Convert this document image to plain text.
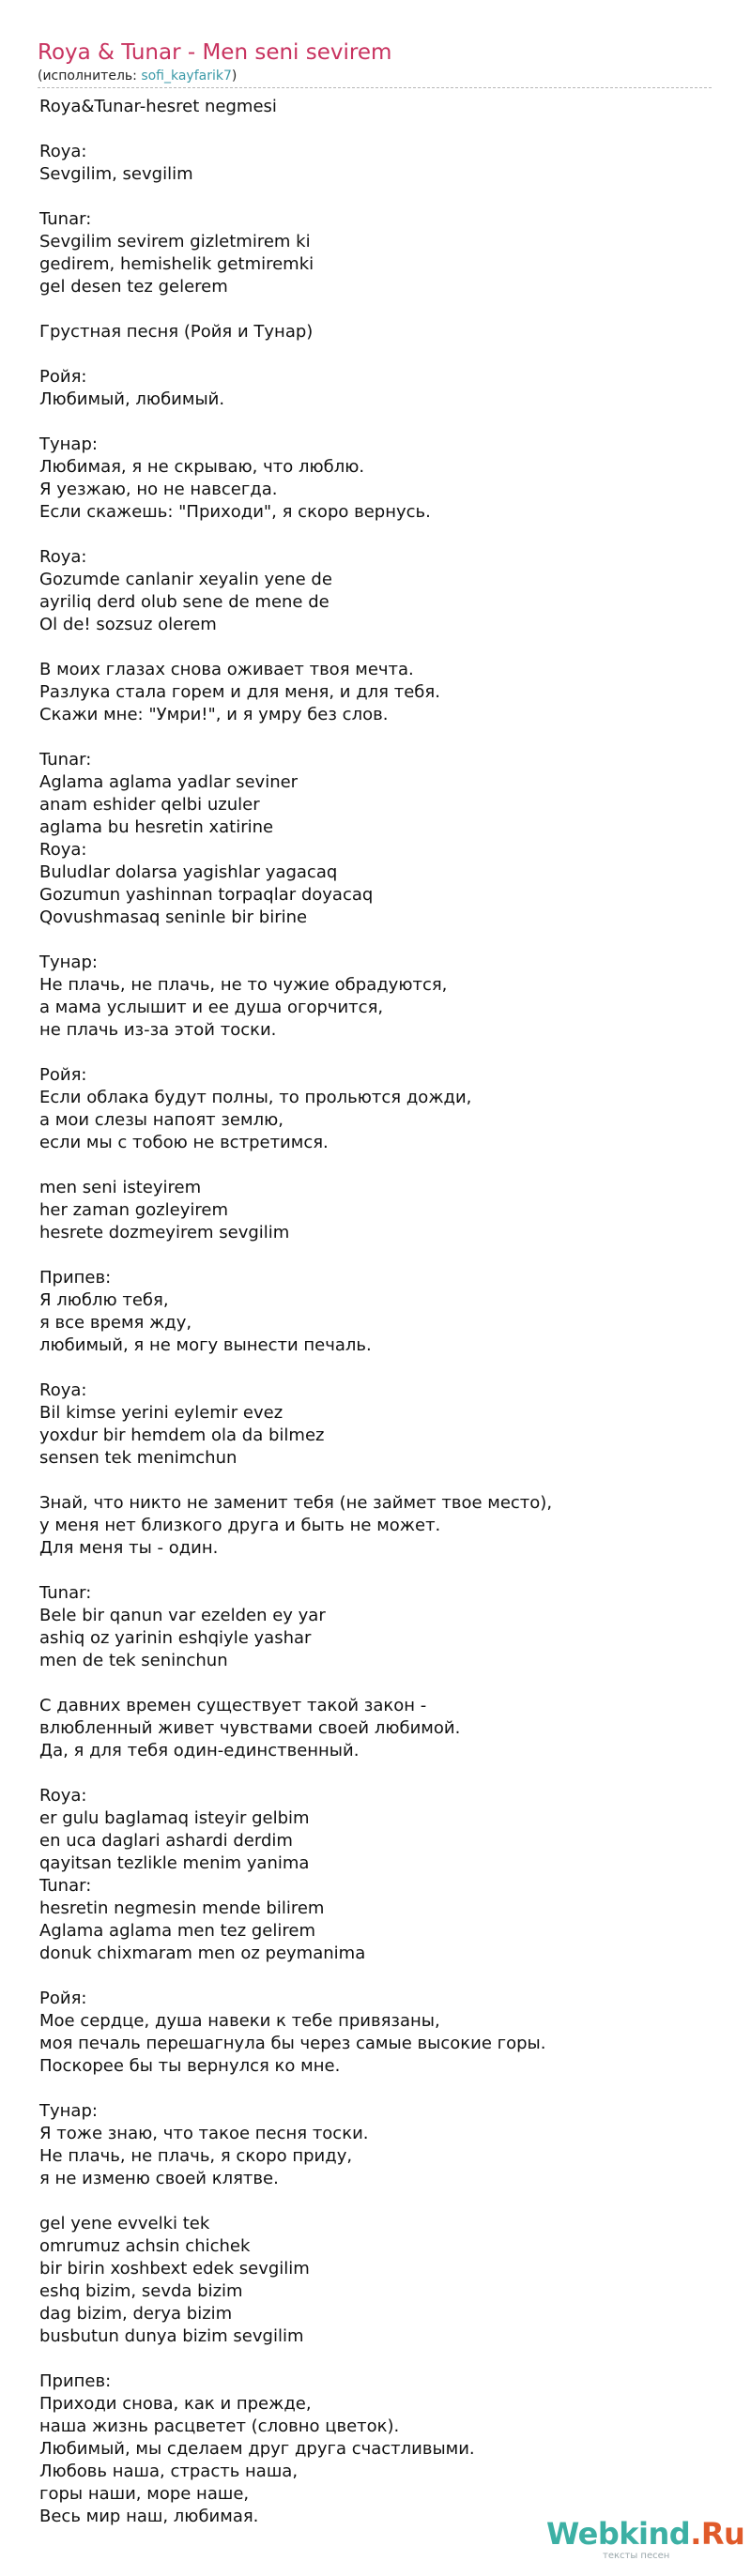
Roya & Tunar - Men seni sevirem
(исполнитель: sofi_kayfarik7)
Roya&Tunar-hesret negmesi
Roya:
Sevgilim, sevgilim
Tunar:
Sevgilim sevirem gizletmirem ki
gedirem, hemishelik getmiremki
gel desen tez gelerem
Грустная песня (Ройя и Тунар)
Ройя:
Любимый, любимый.
Тунар:
Любимая, я не скрываю, что люблю.
Я уезжаю, но не навсегда.
Если скажешь: "Приходи", я скоро вернусь.
Roya:
Gozumde canlanir xeyalin yene de
ayriliq derd olub sene de mene de
Ol de! sozsuz olerem
В моих глазах снова оживает твоя мечта.
Разлука стала горем и для меня, и для тебя.
Скажи мне: "Умри!", и я умру без слов.
Tunar:
Aglama aglama yadlar seviner
anam eshider qelbi uzuler
aglama bu hesretin xatirine
Roya:
Buludlar dolarsa yagishlar yagacaq
Gozumun yashinnan torpaqlar doyacaq
Qovushmasaq seninle bir birine
Тунар:
Не плачь, не плачь, не то чужие обрадуются,
а мама услышит и ее душа огорчится,
не плачь из-за этой тоски.
Ройя:
Если облака будут полны, то прольются дожди,
а мои слезы напоят землю,
если мы с тобою не встретимся.
men seni isteyirem
her zaman gozleyirem
hesrete dozmeyirem sevgilim
Припев:
Я люблю тебя,
я все время жду,
любимый, я не могу вынести печаль.
Roya:
Bil kimse yerini eylemir evez
yoxdur bir hemdem ola da bilmez
sensen tek menimchun
Знай, что никто не заменит тебя (не займет твое место),
у меня нет близкого друга и быть не может.
Для меня ты - один.
Tunar:
Bele bir qanun var ezelden ey yar
ashiq oz yarinin eshqiyle yashar
men de tek seninchun
С давних времен существует такой закон -
влюбленный живет чувствами своей любимой.
Да, я для тебя один-единственный.
Roya:
er gulu baglamaq isteyir gelbim
en uca daglari ashardi derdim
qayitsan tezlikle menim yanima
Tunar:
hesretin negmesin mende bilirem
Aglama aglama men tez gelirem
donuk chixmaram men oz peymanima
Ройя:
Мое сердце, душа навеки к тебе привязаны,
моя печаль перешагнула бы через самые высокие горы.
Поскорее бы ты вернулся ко мне.
Тунар:
Я тоже знаю, что такое песня тоски.
Не плачь, не плачь, я скоро приду,
я не изменю своей клятве.
gel yene evvelki tek
omrumuz achsin chichek
bir birin xoshbext edek sevgilim
eshq bizim, sevda bizim
dag bizim, derya bizim
busbutun dunya bizim sevgilim
Припев:
Приходи снова, как и прежде,
наша жизнь расцветет (словно цветок).
Любимый, мы сделаем друг друга счастливыми.
Любовь наша, страсть наша,
горы наши, море наше,
Весь мир наш, любимая.	Webkind.Ru
тексты песен
